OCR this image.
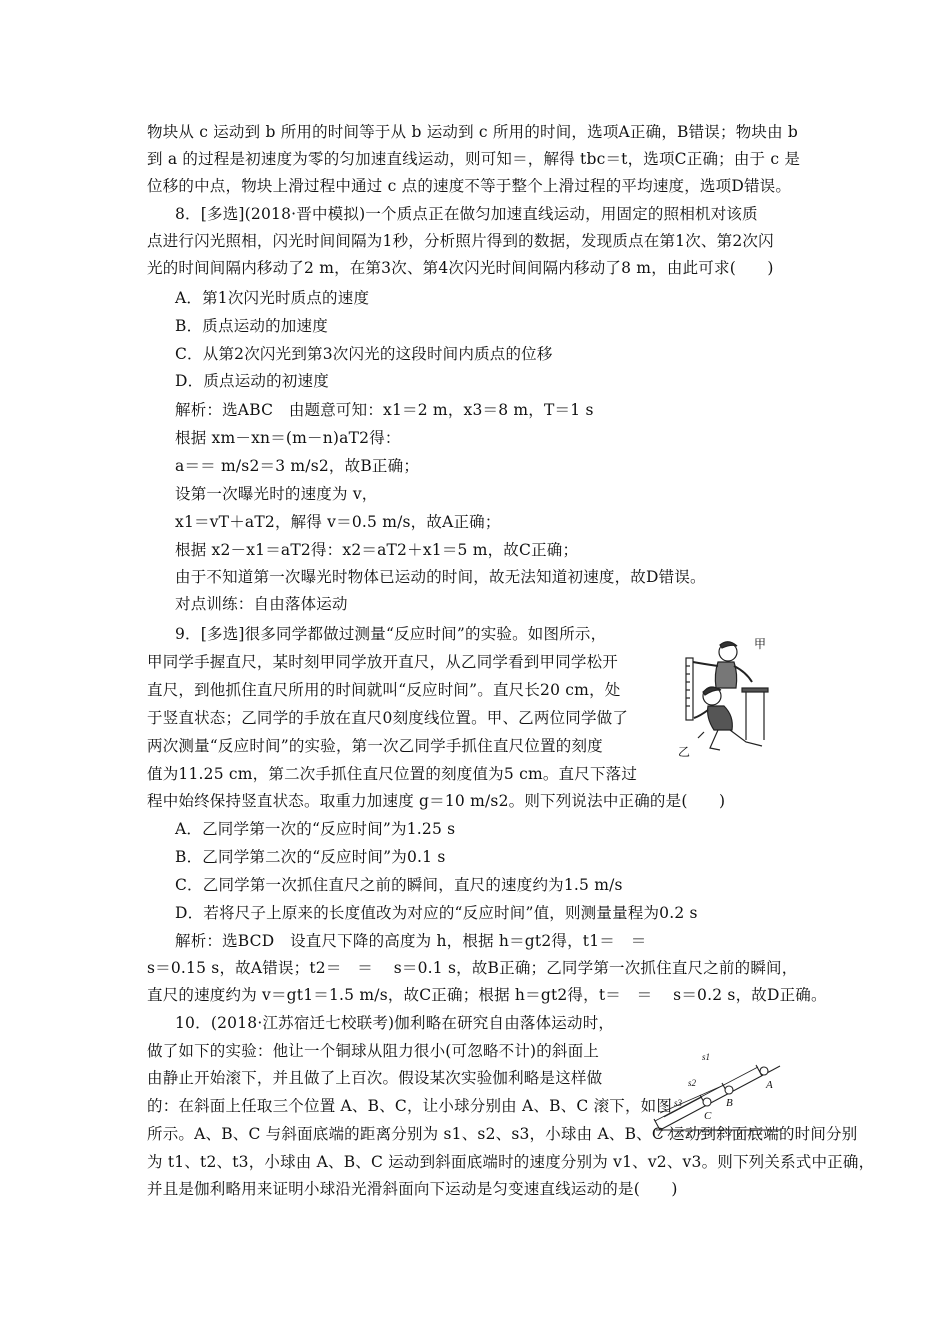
物块从 c 运动到 b 所用的时间等于从 b 运动到 c 所用的时间，选项A正确，B错误；物块由 b
到 a 的过程是初速度为零的匀加速直线运动，则可知＝，解得 tbc＝t，选项C正确；由于 c 是
位移的中点，物块上滑过程中通过 c 点的速度不等于整个上滑过程的平均速度，选项D错误。
8．[多选](2018·晋中模拟)一个质点正在做匀加速直线运动，用固定的照相机对该质
点进行闪光照相，闪光时间间隔为1秒，分析照片得到的数据，发现质点在第1次、第2次闪
光的时间间隔内移动了2 m，在第3次、第4次闪光时间间隔内移动了8 m，由此可求(　　)
A．第1次闪光时质点的速度
B．质点运动的加速度
C．从第2次闪光到第3次闪光的这段时间内质点的位移
D．质点运动的初速度
解析：选ABC　由题意可知：x1＝2 m，x3＝8 m，T＝1 s
根据 xm－xn＝(m－n)aT2得：
a＝＝ m/s2＝3 m/s2，故B正确；
设第一次曝光时的速度为 v，
x1＝vT＋aT2，解得 v＝0.5 m/s，故A正确；
根据 x2－x1＝aT2得：x2＝aT2＋x1＝5 m，故C正确；
由于不知道第一次曝光时物体已运动的时间，故无法知道初速度，故D错误。
对点训练：自由落体运动
9．[多选]很多同学都做过测量“反应时间”的实验。如图所示，
甲同学手握直尺，某时刻甲同学放开直尺，从乙同学看到甲同学松开
直尺，到他抓住直尺所用的时间就叫“反应时间”。直尺长20 cm，处
于竖直状态；乙同学的手放在直尺0刻度线位置。甲、乙两位同学做了
两次测量“反应时间”的实验，第一次乙同学手抓住直尺位置的刻度
值为11.25 cm，第二次手抓住直尺位置的刻度值为5 cm。直尺下落过
程中始终保持竖直状态。取重力加速度 g＝10 m/s2。则下列说法中正确的是(　　)
A．乙同学第一次的“反应时间”为1.25 s
B．乙同学第二次的“反应时间”为0.1 s
C．乙同学第一次抓住直尺之前的瞬间，直尺的速度约为1.5 m/s
D．若将尺子上原来的长度值改为对应的“反应时间”值，则测量量程为0.2 s
解析：选BCD　设直尺下降的高度为 h，根据 h＝gt2得，t1＝　＝
s＝0.15 s，故A错误；t2＝　＝　 s＝0.1 s，故B正确；乙同学第一次抓住直尺之前的瞬间，
直尺的速度约为 v＝gt1＝1.5 m/s，故C正确；根据 h＝gt2得，t＝　＝　 s＝0.2 s，故D正确。
10．(2018·江苏宿迁七校联考)伽利略在研究自由落体运动时，
做了如下的实验：他让一个铜球从阻力很小(可忽略不计)的斜面上
由静止开始滚下，并且做了上百次。假设某次实验伽利略是这样做
的：在斜面上任取三个位置 A、B、C，让小球分别由 A、B、C 滚下，如图
所示。A、B、C 与斜面底端的距离分别为 s1、s2、s3，小球由 A、B、C 运动到斜面底端的时间分别
为 t1、t2、t3，小球由 A、B、C 运动到斜面底端时的速度分别为 v1、v2、v3。则下列关系式中正确，
并且是伽利略用来证明小球沿光滑斜面向下运动是匀变速直线运动的是(　　)
甲
乙
s1
s2
s3
A
B
C
